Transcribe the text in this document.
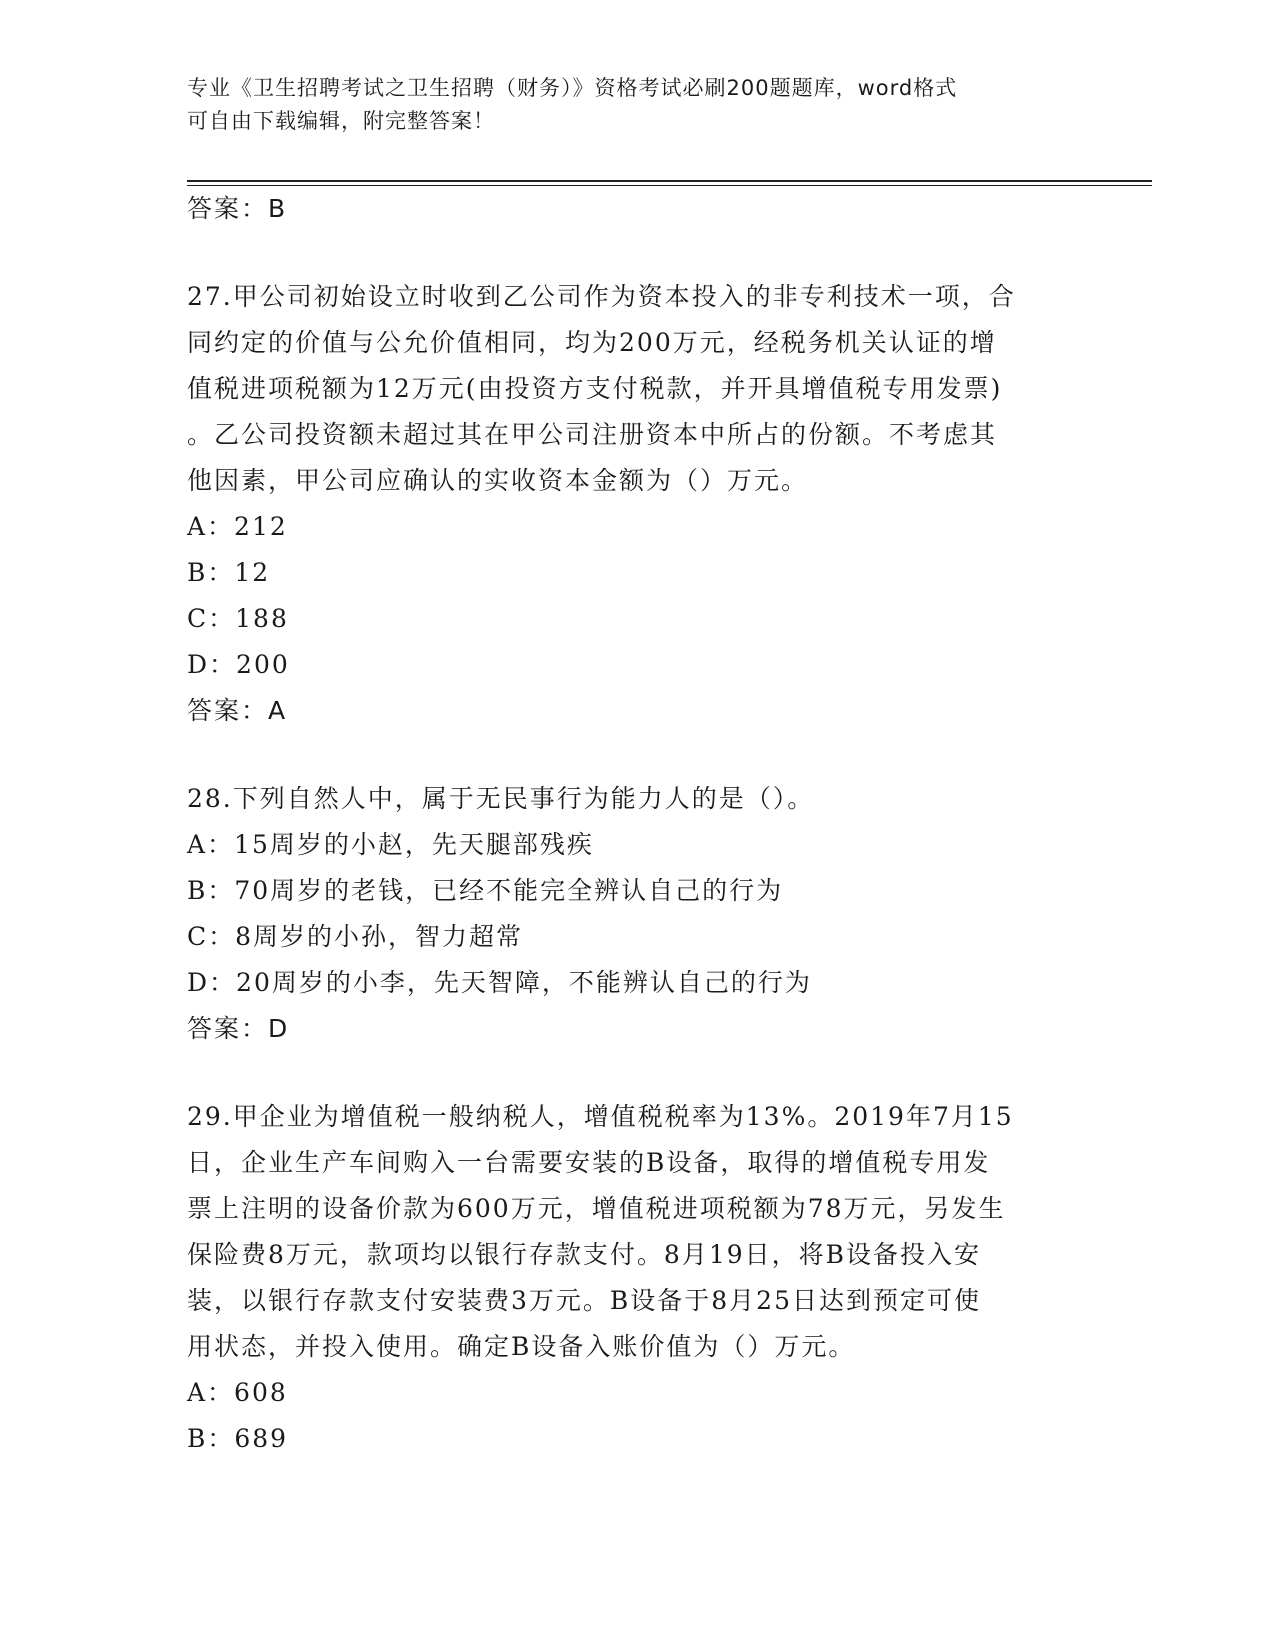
专业《卫生招聘考试之卫生招聘（财务）》资格考试必刷200题题库，word格式
可自由下载编辑，附完整答案！
答案：B
27.甲公司初始设立时收到乙公司作为资本投入的非专利技术一项，合
同约定的价值与公允价值相同，均为200万元，经税务机关认证的增
值税进项税额为12万元(由投资方支付税款，并开具增值税专用发票)
。乙公司投资额未超过其在甲公司注册资本中所占的份额。不考虑其
他因素，甲公司应确认的实收资本金额为（）万元。
A：212
B：12
C：188
D：200
答案：A
28.下列自然人中，属于无民事行为能力人的是（）。
A：15周岁的小赵，先天腿部残疾
B：70周岁的老钱，已经不能完全辨认自己的行为
C：8周岁的小孙，智力超常
D：20周岁的小李，先天智障，不能辨认自己的行为
答案：D
29.甲企业为增值税一般纳税人，增值税税率为13%。2019年7月15
日，企业生产车间购入一台需要安装的B设备，取得的增值税专用发
票上注明的设备价款为600万元，增值税进项税额为78万元，另发生
保险费8万元，款项均以银行存款支付。8月19日，将B设备投入安
装，以银行存款支付安装费3万元。B设备于8月25日达到预定可使
用状态，并投入使用。确定B设备入账价值为（）万元。
A：608
B：689
